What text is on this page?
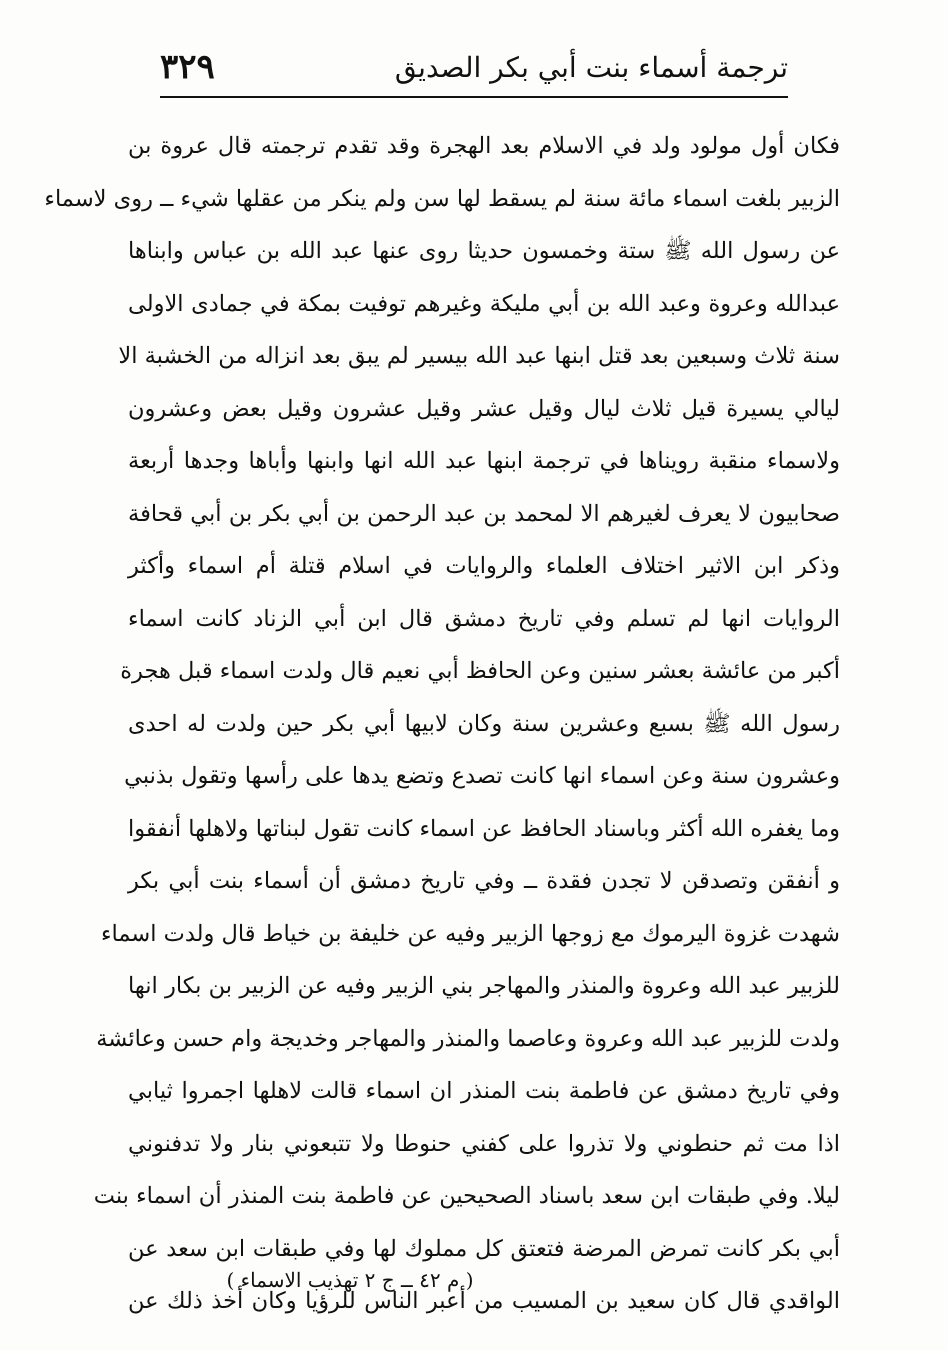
٣٢٩	ترجمة أسماء بنت أبي بكر الصديق
فكان أول مولود ولد في الاسلام بعد الهجرة وقد تقدم ترجمته قال عروة بن
الزبير بلغت اسماء مائة سنة لم يسقط لها سن ولم ينكر من عقلها شيء ــ روى لاسماء
عن رسول الله ﷺ ستة وخمسون حديثا روى عنها عبد الله بن عباس وابناها
عبدالله وعروة وعبد الله بن أبي مليكة وغيرهم توفيت بمكة في جمادى الاولى
سنة ثلاث وسبعين بعد قتل ابنها عبد الله بيسير لم يبق بعد انزاله من الخشبة الا
ليالي يسيرة قيل ثلاث ليال وقيل عشر وقيل عشرون وقيل بعض وعشرون
ولاسماء منقبة رويناها في ترجمة ابنها عبد الله انها وابنها وأباها وجدها أربعة
صحابيون لا يعرف لغيرهم الا لمحمد بن عبد الرحمن بن أبي بكر بن أبي قحافة
وذكر ابن الاثير اختلاف العلماء والروايات في اسلام قتلة أم اسماء وأكثر
الروايات انها لم تسلم وفي تاريخ دمشق قال ابن أبي الزناد كانت اسماء
أكبر من عائشة بعشر سنين وعن الحافظ أبي نعيم قال ولدت اسماء قبل هجرة
رسول الله ﷺ بسبع وعشرين سنة وكان لابيها أبي بكر حين ولدت له احدى
وعشرون سنة وعن اسماء انها كانت تصدع وتضع يدها على رأسها وتقول بذنبي
وما يغفره الله أكثر وباسناد الحافظ عن اسماء كانت تقول لبناتها ولاهلها أنفقوا
و أنفقن وتصدقن لا تجدن فقدة ــ وفي تاريخ دمشق أن أسماء بنت أبي بكر
شهدت غزوة اليرموك مع زوجها الزبير وفيه عن خليفة بن خياط قال ولدت اسماء
للزبير عبد الله وعروة والمنذر والمهاجر بني الزبير وفيه عن الزبير بن بكار انها
ولدت للزبير عبد الله وعروة وعاصما والمنذر والمهاجر وخديجة وام حسن وعائشة
وفي تاريخ دمشق عن فاطمة بنت المنذر ان اسماء قالت لاهلها اجمروا ثيابي
اذا مت ثم حنطوني ولا تذروا على كفني حنوطا ولا تتبعوني بنار ولا تدفنوني
ليلا. وفي طبقات ابن سعد باسناد الصحيحين عن فاطمة بنت المنذر أن اسماء بنت
أبي بكر كانت تمرض المرضة فتعتق كل مملوك لها وفي طبقات ابن سعد عن
الواقدي قال كان سعيد بن المسيب من أعبر الناس للرؤيا وكان أخذ ذلك عن
( م ٤٢ ــ ج ٢ تهذيب الاسماء )
